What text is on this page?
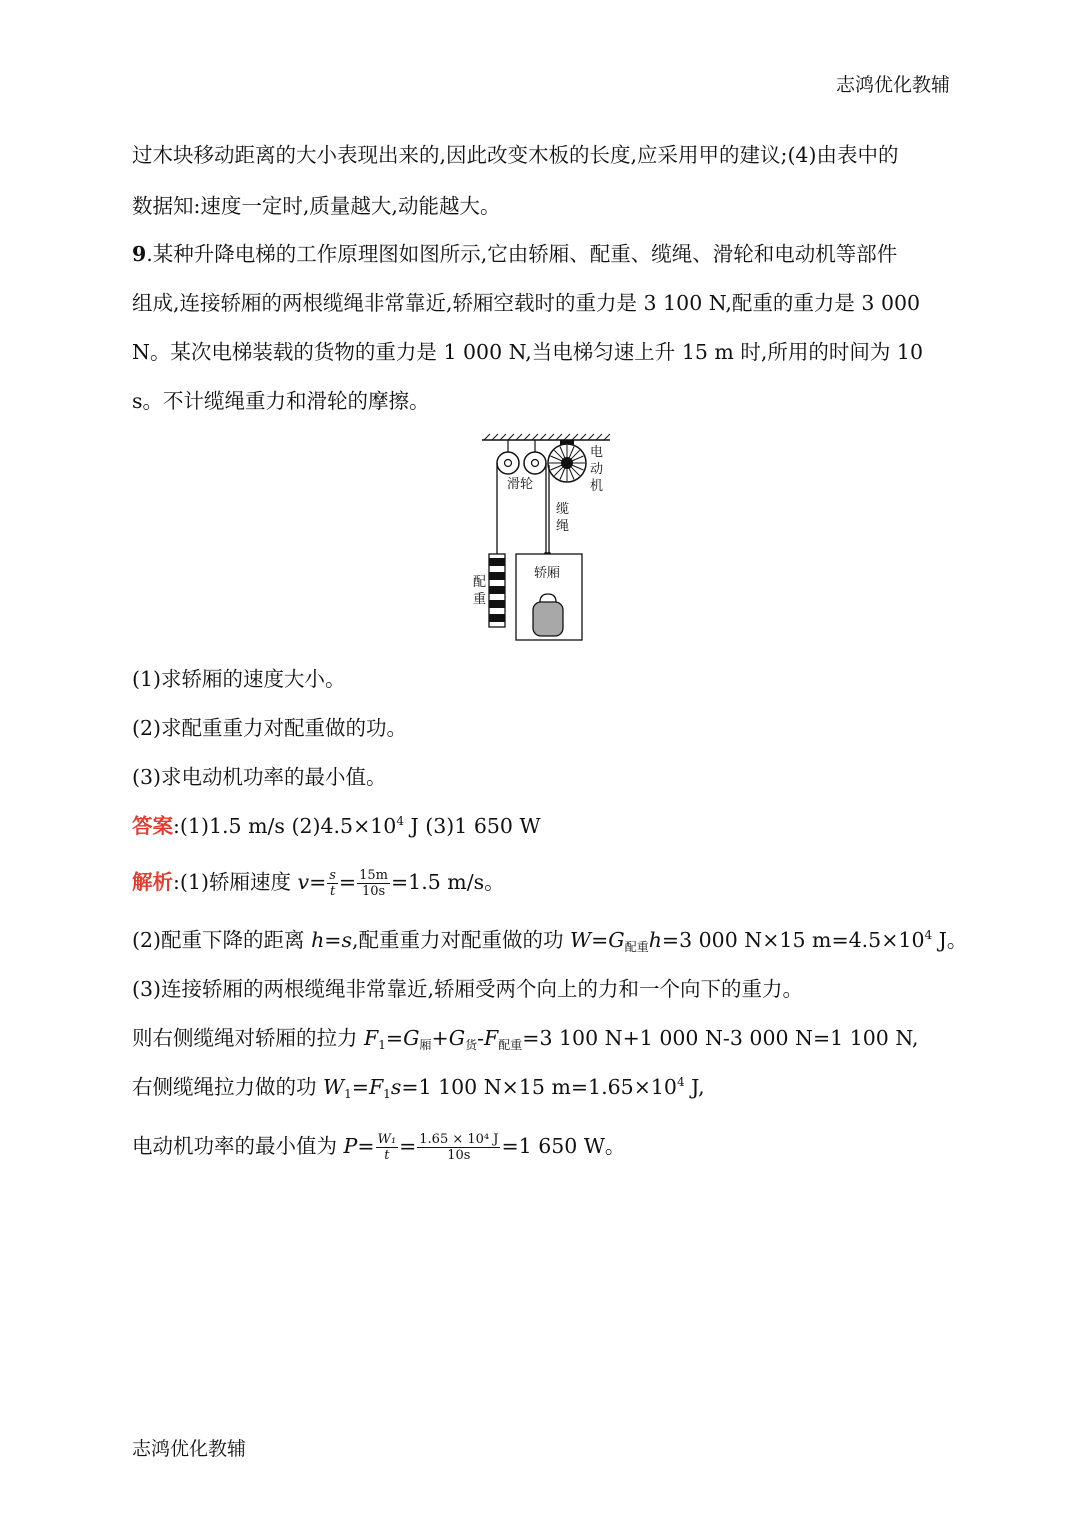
志鸿优化教辅
过木块移动距离的大小表现出来的,因此改变木板的长度,应采用甲的建议;(4)由表中的
数据知:速度一定时,质量越大,动能越大。
9.某种升降电梯的工作原理图如图所示,它由轿厢、配重、缆绳、滑轮和电动机等部件
组成,连接轿厢的两根缆绳非常靠近,轿厢空载时的重力是 3 100 N,配重的重力是 3 000
N。某次电梯装载的货物的重力是 1 000 N,当电梯匀速上升 15 m 时,所用的时间为 10
s。不计缆绳重力和滑轮的摩擦。
滑轮
电
动
机
缆
绳
轿厢
配
重
(1)求轿厢的速度大小。
(2)求配重重力对配重做的功。
(3)求电动机功率的最小值。
答案:(1)1.5 m/s $(2)4.5\times 10^4$ J (3)1 650 W
解析:(1)轿厢速度 $v= \frac{s}{t} = \frac{15m}{10s} =1.5$ m/s。
(2)配重下降的距离 h=s,配重重力对配重做的功 $W=G_{配重}h=3$ 000 N×15 $m=4.5\times 10^4$ J。
(3)连接轿厢的两根缆绳非常靠近,轿厢受两个向上的力和一个向下的重力。
则右侧缆绳对轿厢的拉力 $F_1=G_厢+G_货-F_{配重}=3$ 100 N+1 000 N-3 000 N=1 100 N,
右侧缆绳拉力做的功 $W_1=F_1s=1$ 100 N×15 $m=1.65\times 10^4$ J,
电动机功率的最小值为 $P= \frac{\text{W₁}}{t} = \frac{\text{1.65 × 10⁴ J}}{10s} =1$ 650 W。
志鸿优化教辅
